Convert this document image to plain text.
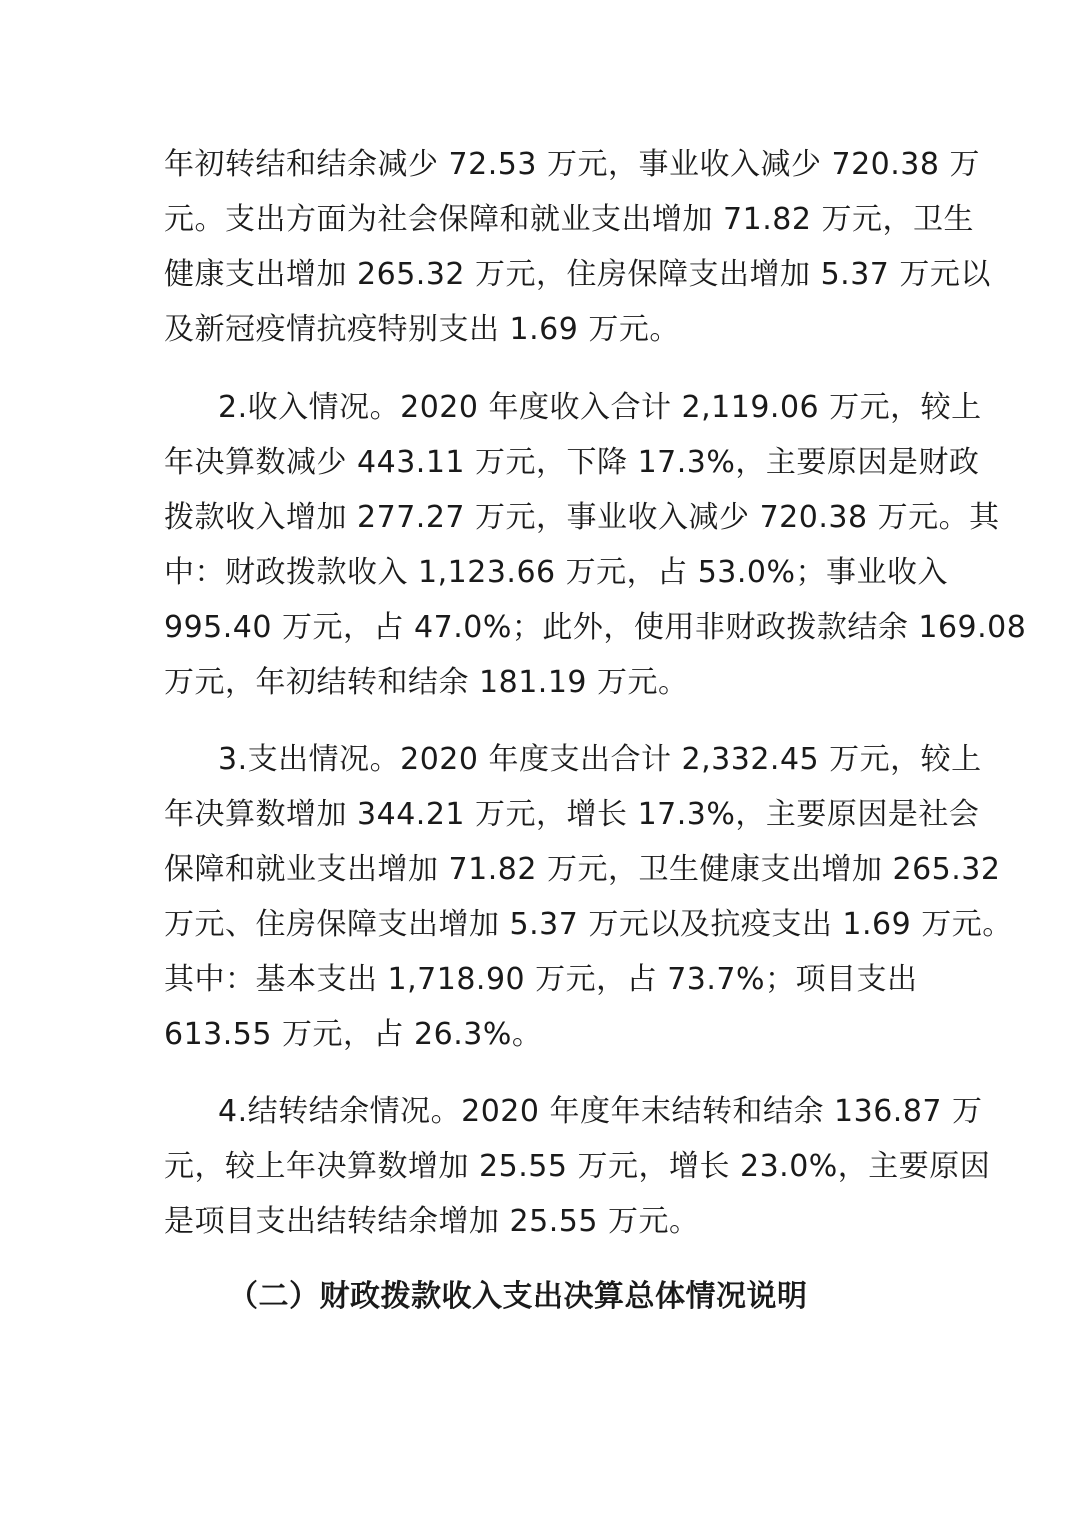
年初转结和结余减少 72.53 万元，事业收入减少 720.38 万
元。支出方面为社会保障和就业支出增加 71.82 万元，卫生
健康支出增加 265.32 万元，住房保障支出增加 5.37 万元以
及新冠疫情抗疫特别支出 1.69 万元。
2.收入情况。2020 年度收入合计 2,119.06 万元，较上
年决算数减少 443.11 万元，下降 17.3%，主要原因是财政
拨款收入增加 277.27 万元，事业收入减少 720.38 万元。其
中：财政拨款收入 1,123.66 万元，占 53.0%；事业收入
995.40 万元，占 47.0%；此外，使用非财政拨款结余 169.08
万元，年初结转和结余 181.19 万元。
3.支出情况。2020 年度支出合计 2,332.45 万元，较上
年决算数增加 344.21 万元，增长 17.3%，主要原因是社会
保障和就业支出增加 71.82 万元，卫生健康支出增加 265.32
万元、住房保障支出增加 5.37 万元以及抗疫支出 1.69 万元。
其中：基本支出 1,718.90 万元，占 73.7%；项目支出
613.55 万元，占 26.3%。
4.结转结余情况。2020 年度年末结转和结余 136.87 万
元，较上年决算数增加 25.55 万元，增长 23.0%，主要原因
是项目支出结转结余增加 25.55 万元。
（二）财政拨款收入支出决算总体情况说明
